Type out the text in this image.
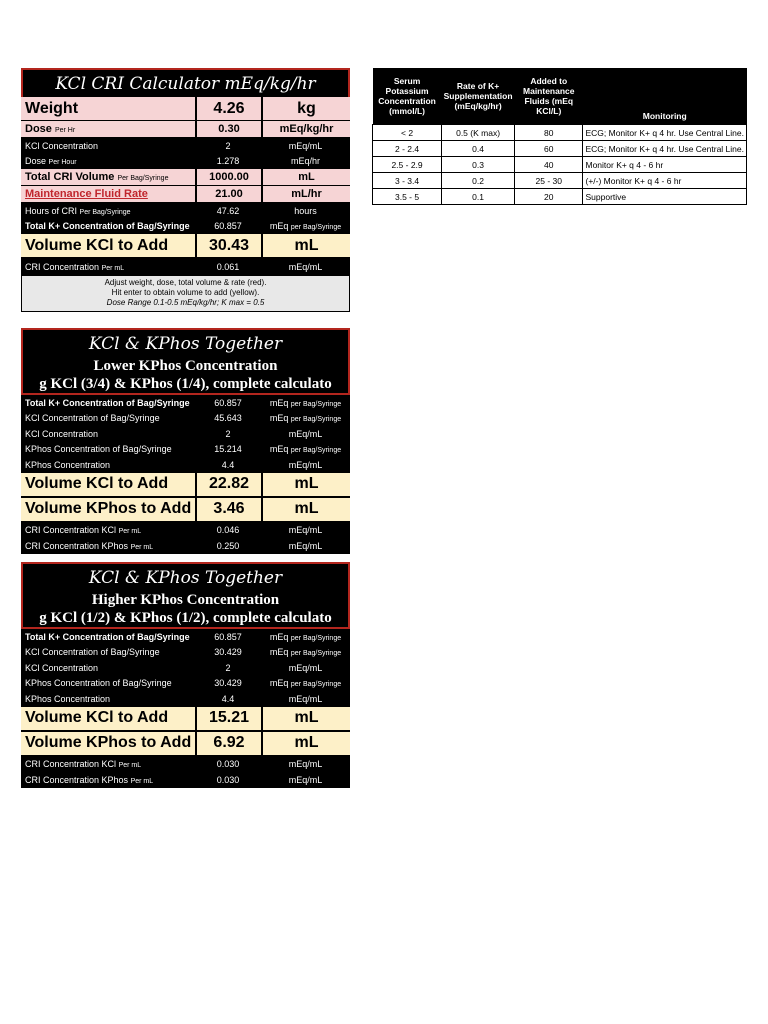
KCl CRI Calculator mEq/kg/hr
Weight	4.26	kg
Dose Per Hr	0.30	mEq/kg/hr
KCl Concentration	2	mEq/mL
Dose Per Hour	1.278	mEq/hr
Total CRI Volume Per Bag/Syringe	1000.00	mL
Maintenance Fluid Rate	21.00	mL/hr
Hours of CRI Per Bag/Syringe	47.62	hours
Total K+ Concentration of Bag/Syringe	60.857	mEq per Bag/Syringe
Volume KCl to Add	30.43	mL
CRI Concentration Per mL	0.061	mEq/mL
Adjust weight, dose, total volume & rate (red).
Hit enter to obtain volume to add (yellow).
Dose Range 0.1-0.5 mEq/kg/hr; K max = 0.5
KCl & KPhos Together
Lower KPhos Concentration
g KCl (3/4) & KPhos (1/4), complete calculato
Total K+ Concentration of Bag/Syringe	60.857	mEq per Bag/Syringe
KCl Concentration of Bag/Syringe	45.643	mEq per Bag/Syringe
KCl Concentration	2	mEq/mL
KPhos Concentration of Bag/Syringe	15.214	mEq per Bag/Syringe
KPhos Concentration	4.4	mEq/mL
Volume KCl to Add	22.82	mL
Volume KPhos to Add	3.46	mL
CRI Concentration KCl Per mL	0.046	mEq/mL
CRI Concentration KPhos Per mL	0.250	mEq/mL
KCl & KPhos Together
Higher KPhos Concentration
g KCl (1/2) & KPhos (1/2), complete calculato
Total K+ Concentration of Bag/Syringe	60.857	mEq per Bag/Syringe
KCl Concentration of Bag/Syringe	30.429	mEq per Bag/Syringe
KCl Concentration	2	mEq/mL
KPhos Concentration of Bag/Syringe	30.429	mEq per Bag/Syringe
KPhos Concentration	4.4	mEq/mL
Volume KCl to Add	15.21	mL
Volume KPhos to Add	6.92	mL
CRI Concentration KCl Per mL	0.030	mEq/mL
CRI Concentration KPhos Per mL	0.030	mEq/mL
Serum Potassium Concentration (mmol/L)	Rate of K+ Supplementation (mEq/kg/hr)	Added to Maintenance Fluids (mEq KCl/L)	Monitoring
< 2	0.5 (K max)	80	ECG; Monitor K+ q 4 hr. Use Central Line.
2 - 2.4	0.4	60	ECG; Monitor K+ q 4 hr. Use Central Line.
2.5 - 2.9	0.3	40	Monitor K+ q 4 - 6 hr
3 - 3.4	0.2	25 - 30	(+/-) Monitor K+ q 4 - 6 hr
3.5 - 5	0.1	20	Supportive
